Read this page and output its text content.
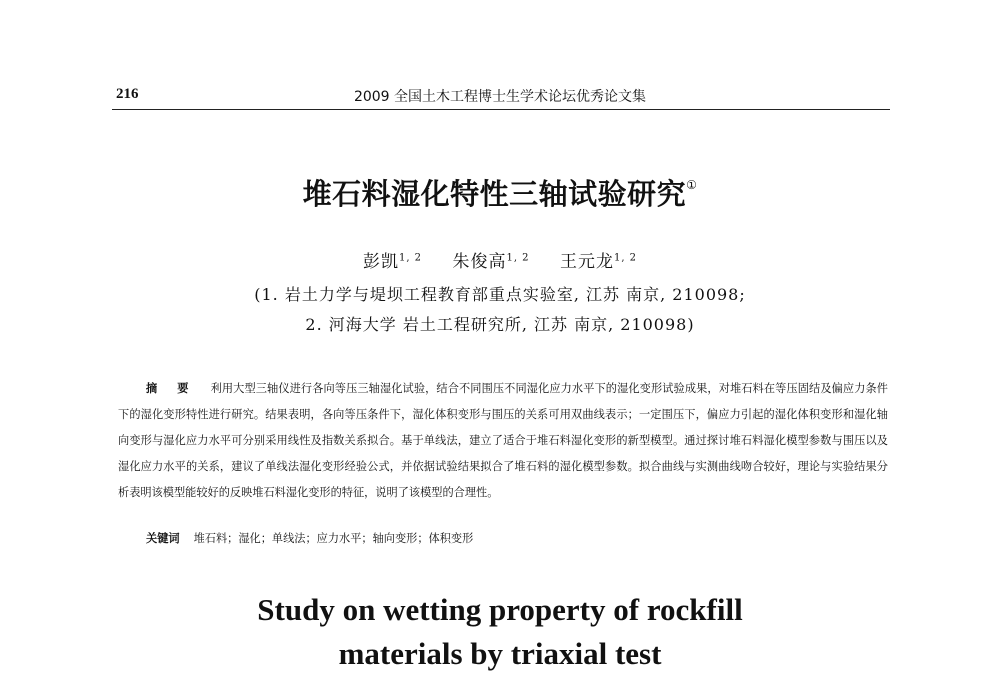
216	2009 全国土木工程博士生学术论坛优秀论文集
堆石料湿化特性三轴试验研究①
彭凯$^{1, 2}$ 朱俊高$^{1, 2}$ 王元龙$^{1, 2}$
(1. 岩土力学与堤坝工程教育部重点实验室, 江苏 南京, 210098;
2. 河海大学 岩土工程研究所, 江苏 南京, 210098)
摘 要 利用大型三轴仪进行各向等压三轴湿化试验，结合不同围压不同湿化应力水平下的湿化变形试验成果，对堆石料在等压固结及偏应力条件下的湿化变形特性进行研究。结果表明，各向等压条件下，湿化体积变形与围压的关系可用双曲线表示；一定围压下，偏应力引起的湿化体积变形和湿化轴向变形与湿化应力水平可分别采用线性及指数关系拟合。基于单线法，建立了适合于堆石料湿化变形的新型模型。通过探讨堆石料湿化模型参数与围压以及湿化应力水平的关系，建议了单线法湿化变形经验公式，并依据试验结果拟合了堆石料的湿化模型参数。拟合曲线与实测曲线吻合较好，理论与实验结果分析表明该模型能较好的反映堆石料湿化变形的特征，说明了该模型的合理性。
关键词 堆石料；湿化；单线法；应力水平；轴向变形；体积变形
Study on wetting property of rockfill
materials by triaxial test
